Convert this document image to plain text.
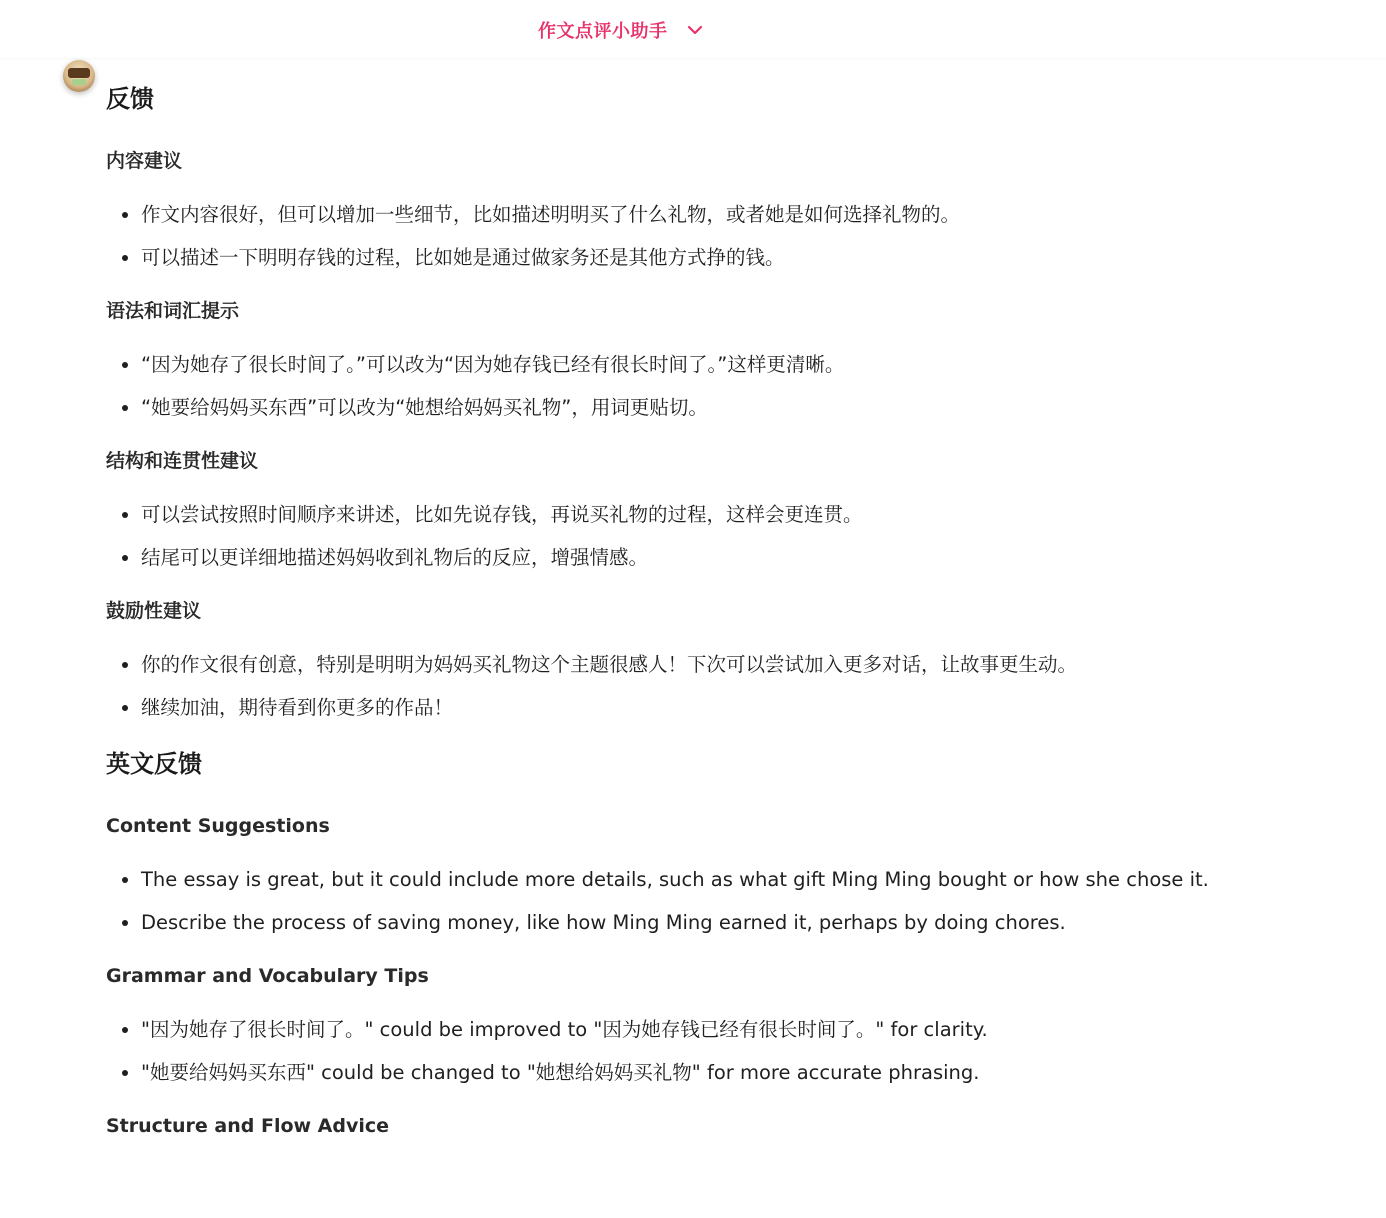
作文点评小助手
反馈
内容建议
• 作文内容很好，但可以增加一些细节，比如描述明明买了什么礼物，或者她是如何选择礼物的。
• 可以描述一下明明存钱的过程，比如她是通过做家务还是其他方式挣的钱。
语法和词汇提示
• “因为她存了很长时间了。”可以改为“因为她存钱已经有很长时间了。”这样更清晰。
• “她要给妈妈买东西”可以改为“她想给妈妈买礼物”，用词更贴切。
结构和连贯性建议
• 可以尝试按照时间顺序来讲述，比如先说存钱，再说买礼物的过程，这样会更连贯。
• 结尾可以更详细地描述妈妈收到礼物后的反应，增强情感。
鼓励性建议
• 你的作文很有创意，特别是明明为妈妈买礼物这个主题很感人！下次可以尝试加入更多对话，让故事更生动。
• 继续加油，期待看到你更多的作品！
英文反馈
Content Suggestions
• The essay is great, but it could include more details, such as what gift Ming Ming bought or how she chose it.
• Describe the process of saving money, like how Ming Ming earned it, perhaps by doing chores.
Grammar and Vocabulary Tips
• "因为她存了很长时间了。" could be improved to "因为她存钱已经有很长时间了。" for clarity.
• "她要给妈妈买东西" could be changed to "她想给妈妈买礼物" for more accurate phrasing.
Structure and Flow Advice
